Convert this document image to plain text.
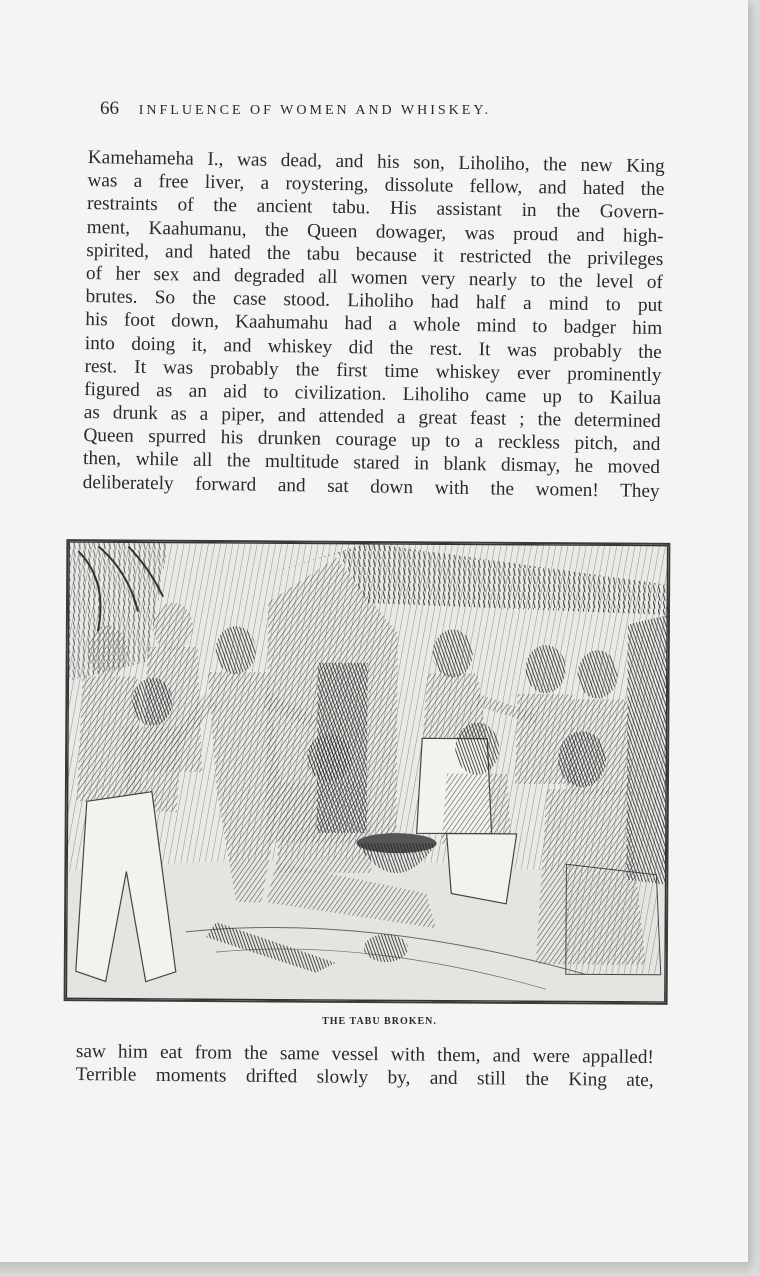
66 INFLUENCE OF WOMEN AND WHISKEY.
Kamehameha I., was dead, and his son, Liholiho, the new King
was a free liver, a roystering, dissolute fellow, and hated the
restraints of the ancient tabu. His assistant in the Govern-
ment, Kaahumanu, the Queen dowager, was proud and high-
spirited, and hated the tabu because it restricted the privileges
of her sex and degraded all women very nearly to the level of
brutes. So the case stood. Liholiho had half a mind to put
his foot down, Kaahumahu had a whole mind to badger him
into doing it, and whiskey did the rest. It was probably the
rest. It was probably the first time whiskey ever prominently
figured as an aid to civilization. Liholiho came up to Kailua
as drunk as a piper, and attended a great feast ; the determined
Queen spurred his drunken courage up to a reckless pitch, and
then, while all the multitude stared in blank dismay, he moved
deliberately forward and sat down with the women! They
THE TABU BROKEN.
saw him eat from the same vessel with them, and were appalled!
Terrible moments drifted slowly by, and still the King ate,
